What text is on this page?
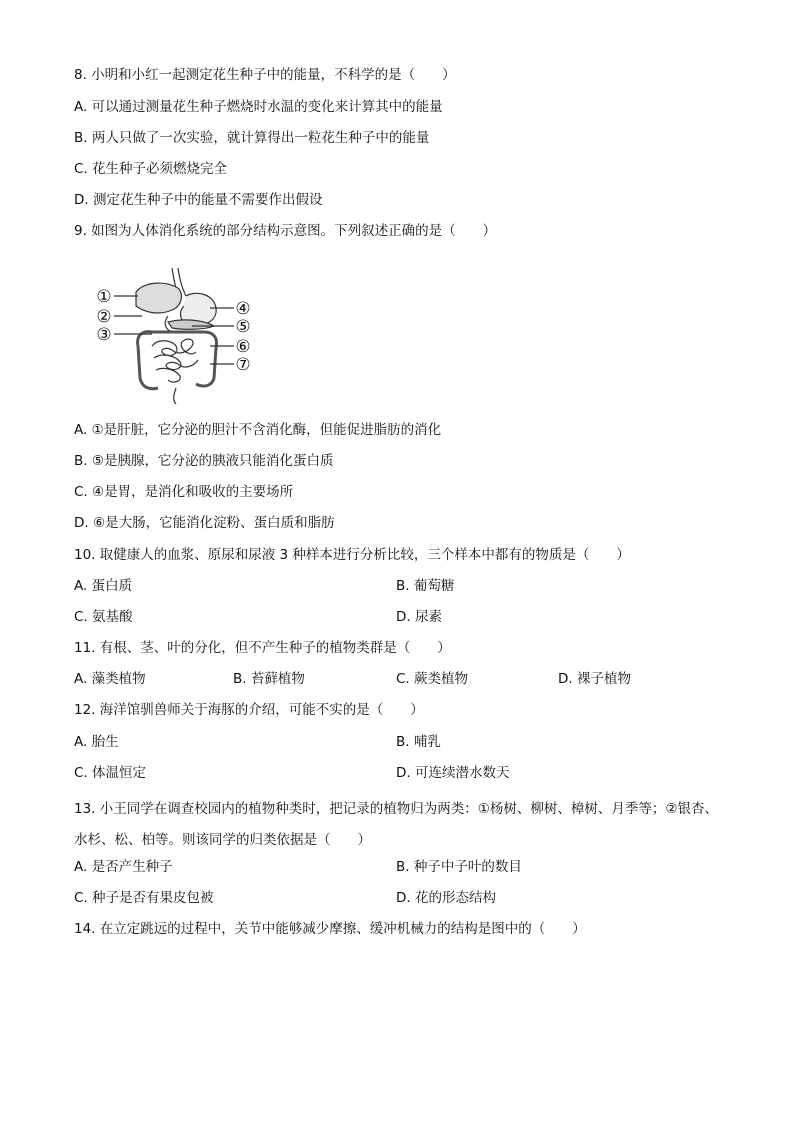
8. 小明和小红一起测定花生种子中的能量，不科学的是（　　）
A. 可以通过测量花生种子燃烧时水温的变化来计算其中的能量
B. 两人只做了一次实验，就计算得出一粒花生种子中的能量
C. 花生种子必须燃烧完全
D. 测定花生种子中的能量不需要作出假设
9. 如图为人体消化系统的部分结构示意图。下列叙述正确的是（　　）
①
②
③
④
⑤
⑥
⑦
A. ①是肝脏，它分泌的胆汁不含消化酶，但能促进脂肪的消化
B. ⑤是胰腺，它分泌的胰液只能消化蛋白质
C. ④是胃，是消化和吸收的主要场所
D. ⑥是大肠，它能消化淀粉、蛋白质和脂肪
10. 取健康人的血浆、原尿和尿液 3 种样本进行分析比较，三个样本中都有的物质是（　　）
A. 蛋白质	B. 葡萄糖
C. 氨基酸	D. 尿素
11. 有根、茎、叶的分化，但不产生种子的植物类群是（　　）
A. 藻类植物	B. 苔藓植物	C. 蕨类植物	D. 裸子植物
12. 海洋馆驯兽师关于海豚的介绍，可能不实的是（　　）
A. 胎生	B. 哺乳
C. 体温恒定	D. 可连续潜水数天
13. 小王同学在调查校园内的植物种类时，把记录的植物归为两类：①杨树、柳树、樟树、月季等；②银杏、水杉、松、柏等。则该同学的归类依据是（　　）
A. 是否产生种子	B. 种子中子叶的数目
C. 种子是否有果皮包被	D. 花的形态结构
14. 在立定跳远的过程中，关节中能够减少摩擦、缓冲机械力的结构是图中的（　　）
